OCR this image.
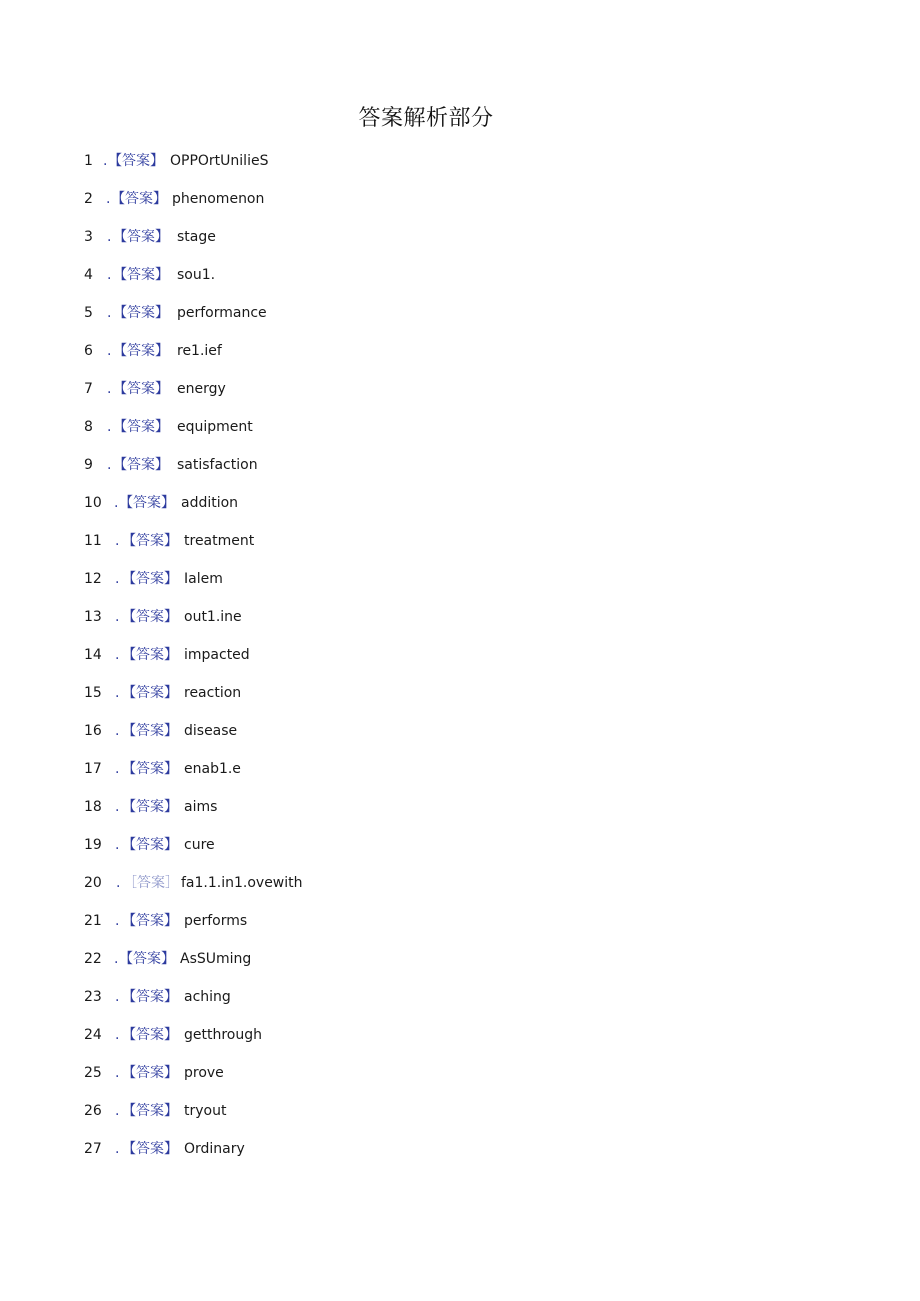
答案解析部分
1 . 【答案】 OPPOrtUnilieS
2 . 【答案】 phenomenon
3 . 【答案】 stage
4 . 【答案】 sou1.
5 . 【答案】 performance
6 . 【答案】 re1.ief
7 . 【答案】 energy
8 . 【答案】 equipment
9 . 【答案】 satisfaction
10 . 【答案】 addition
11 . 【答案】 treatment
12 . 【答案】 Ialem
13 . 【答案】 out1.ine
14 . 【答案】 impacted
15 . 【答案】 reaction
16 . 【答案】 disease
17 . 【答案】 enab1.e
18 . 【答案】 aims
19 . 【答案】 cure
20 . ［答案］ fa1.1.in1.ovewith
21 . 【答案】 performs
22 . 【答案】 AsSUming
23 . 【答案】 aching
24 . 【答案】 getthrough
25 . 【答案】 prove
26 . 【答案】 tryout
27 . 【答案】 Ordinary
